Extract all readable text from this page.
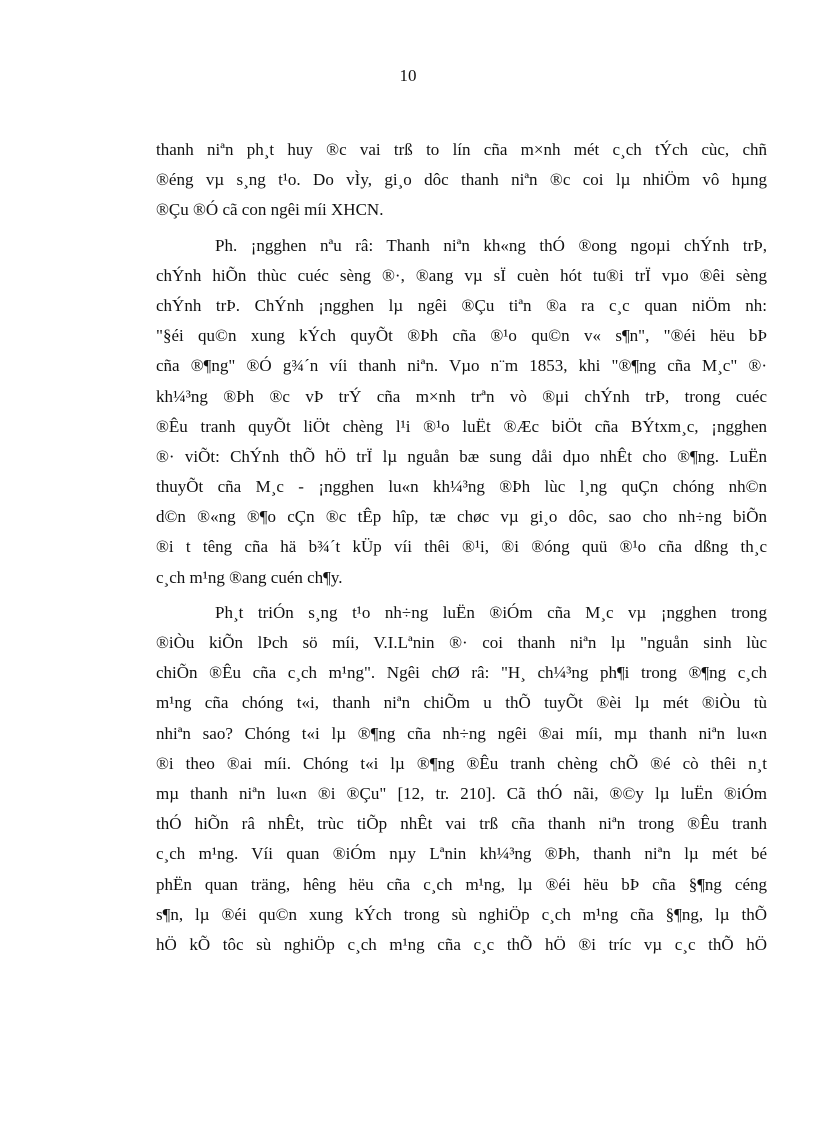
10
thanh niªn ph¸t huy ®c vai trß to lín cña m×nh mét c¸ch tÝch cùc, chñ
®éng vµ s¸ng t¹o. Do vÌy, gi¸o dôc thanh niªn ®c coi lµ nhiÖm vô hµng
®Çu ®Ó cã con ngêi míi XHCN.
Ph. ¡ngghen nªu râ: Thanh niªn kh«ng thÓ ®ong ngoµi chÝnh trÞ,
chÝnh hiÕn thùc cuéc sèng ®·, ®ang vµ sÏ cuèn hót tu®i trÏ vµo ®êi sèng
chÝnh trÞ. ChÝnh ¡ngghen lµ ngêi ®Çu tiªn ®a ra c¸c quan niÖm nh:
"§éi qu©n xung kÝch quyÕt ®Þh cña ®¹o qu©n v« s¶n", "®éi hëu bÞ
cña ®¶ng" ®Ó g¾´n víi thanh niªn. Vµo n¨m 1853, khi "®¶ng cña M¸c" ®·
kh¼³ng ®Þh ®c vÞ trÝ cña m×nh trªn vò ®μi chÝnh trÞ, trong cuéc
®Êu tranh quyÕt liÖt chèng l¹i ®¹o luËt ®Æc biÖt cña BÝtxm¸c, ¡ngghen
®· viÕt: ChÝnh thÕ hÖ trÏ lµ nguån bæ sung dåi dµo nhÊt cho ®¶ng. LuËn
thuyÕt cña M¸c - ¡ngghen lu«n kh¼³ng ®Þh lùc l¸ng quÇn chóng nh©n
d©n ®«ng ®¶o cÇn ®c tÊp hîp, tæ chøc vµ gi¸o dôc, sao cho nh÷ng biÕn
®i t têng cña hä b¾´t kÜp víi thêi ®¹i, ®i ®óng quü ®¹o cña dßng th¸c
c¸ch m¹ng ®ang cuén ch¶y.
Ph¸t triÓn s¸ng t¹o nh÷ng luËn ®iÓm cña M¸c vµ ¡ngghen trong
®iÒu kiÕn lÞch sö míi, V.I.Lªnin ®· coi thanh niªn lµ "nguån sinh lùc
chiÕn ®Êu cña c¸ch m¹ng". Ngêi chØ râ: "H¸ ch¼³ng ph¶i trong ®¶ng c¸ch
m¹ng cña chóng t«i, thanh niªn chiÕm u thÕ tuyÕt ®èi lµ mét ®iÒu tù
nhiªn sao? Chóng t«i lµ ®¶ng cña nh÷ng ngêi ®ai míi, mµ thanh niªn lu«n
®i theo ®ai míi. Chóng t«i lµ ®¶ng ®Êu tranh chèng chÕ ®é cò thêi n¸t
mµ thanh niªn lu«n ®i ®Çu" [12, tr. 210]. Cã thÓ nãi, ®©y lµ luËn ®iÓm
thÓ hiÕn râ nhÊt, trùc tiÕp nhÊt vai trß cña thanh niªn trong ®Êu tranh
c¸ch m¹ng. Víi quan ®iÓm nµy Lªnin kh¼³ng ®Þh, thanh niªn lµ mét bé
phËn quan träng, hêng hëu cña c¸ch m¹ng, lµ ®éi hëu bÞ cña §¶ng céng
s¶n, lµ ®éi qu©n xung kÝch trong sù nghiÖp c¸ch m¹ng cña §¶ng, lµ thÕ
hÖ kÕ tôc sù nghiÖp c¸ch m¹ng cña c¸c thÕ hÖ ®i tríc vµ c¸c thÕ hÖ
